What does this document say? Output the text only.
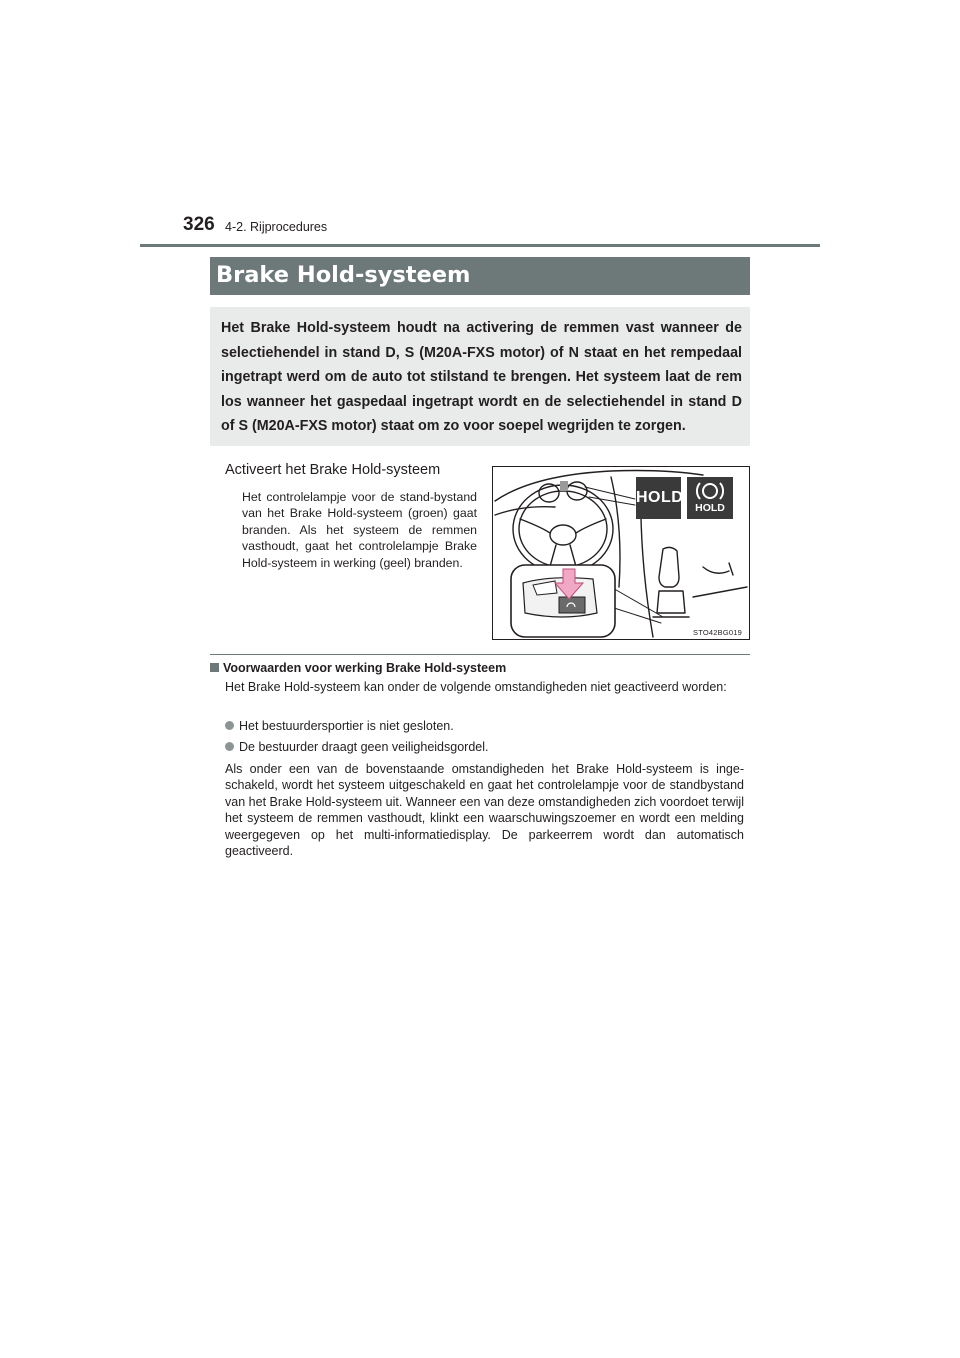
326 4-2. Rijprocedures
Brake Hold-systeem
Het Brake Hold-systeem houdt na activering de remmen vast wanneer de selectiehendel in stand D, S (M20A-FXS motor) of N staat en het rempedaal ingetrapt werd om de auto tot stilstand te brengen. Het systeem laat de rem los wanneer het gaspedaal ingetrapt wordt en de selectiehendel in stand D of S (M20A-FXS motor) staat om zo voor soepel wegrijden te zorgen.
Activeert het Brake Hold-systeem
Het controlelampje voor de stand-bystand van het Brake Hold-systeem (groen) gaat branden. Als het systeem de remmen vasthoudt, gaat het controlelampje Brake Hold-systeem in werking (geel) branden.
HOLD
HOLD
STO42BG019
Voorwaarden voor werking Brake Hold-systeem
Het Brake Hold-systeem kan onder de volgende omstandigheden niet geactiveerd worden:
Het bestuurdersportier is niet gesloten.
De bestuurder draagt geen veiligheidsgordel.
Als onder een van de bovenstaande omstandigheden het Brake Hold-systeem is ingeschakeld, wordt het systeem uitgeschakeld en gaat het controlelampje voor de standbystand van het Brake Hold-systeem uit. Wanneer een van deze omstandigheden zich voordoet terwijl het systeem de remmen vasthoudt, klinkt een waarschuwingszoemer en wordt een melding weergegeven op het multi-informatiedisplay. De parkeerrem wordt dan automatisch geactiveerd.
